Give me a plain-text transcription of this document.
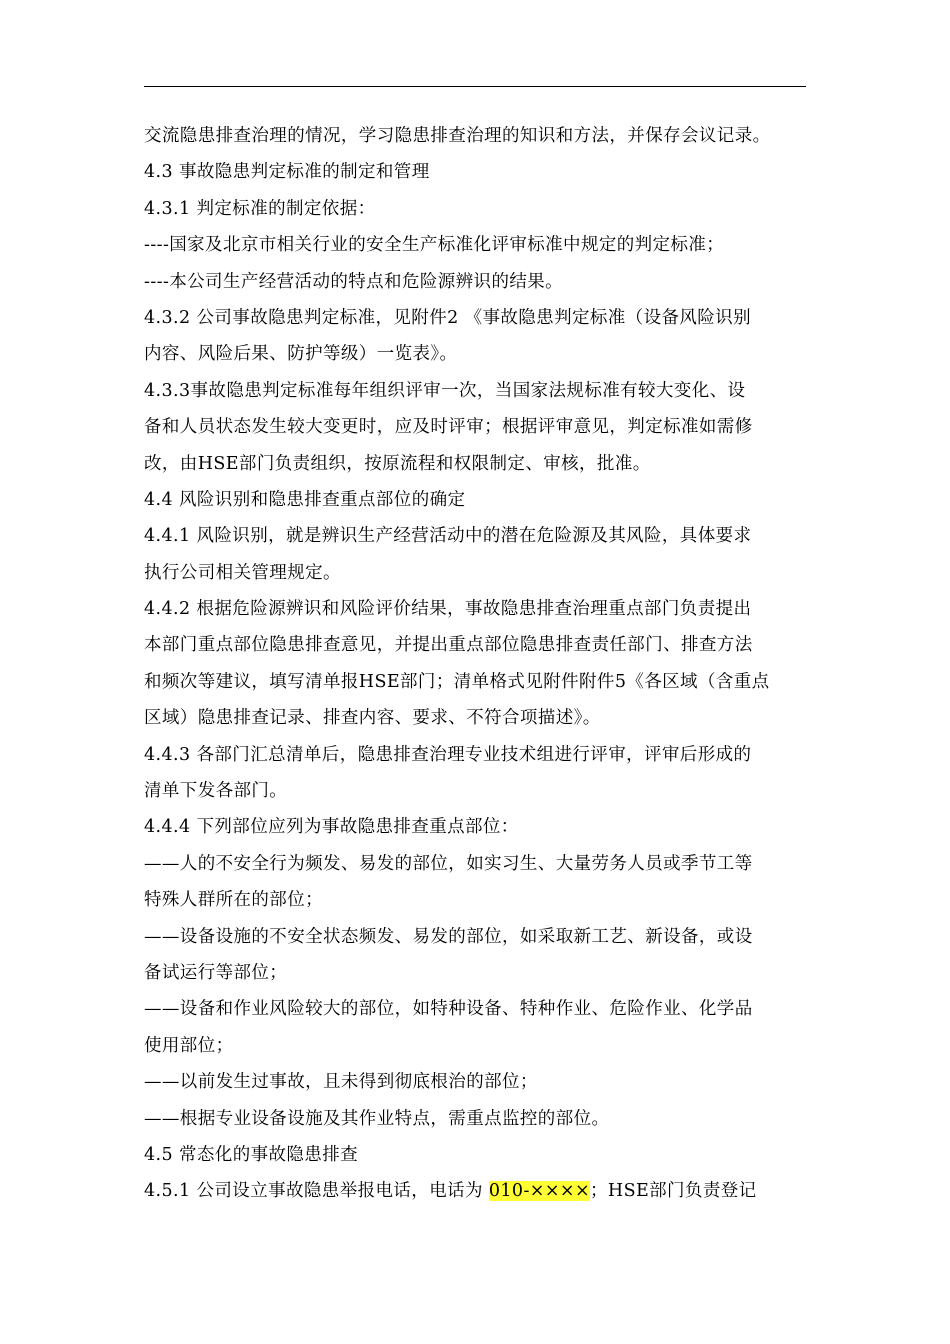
交流隐患排查治理的情况，学习隐患排查治理的知识和方法，并保存会议记录。
4.3 事故隐患判定标准的制定和管理
4.3.1 判定标准的制定依据：
----国家及北京市相关行业的安全生产标准化评审标准中规定的判定标准；
----本公司生产经营活动的特点和危险源辨识的结果。
4.3.2 公司事故隐患判定标准，见附件2 《事故隐患判定标准（设备风险识别
内容、风险后果、防护等级）一览表》。
4.3.3事故隐患判定标准每年组织评审一次，当国家法规标准有较大变化、设
备和人员状态发生较大变更时，应及时评审；根据评审意见，判定标准如需修
改，由HSE部门负责组织，按原流程和权限制定、审核，批准。
4.4 风险识别和隐患排查重点部位的确定
4.4.1 风险识别，就是辨识生产经营活动中的潜在危险源及其风险，具体要求
执行公司相关管理规定。
4.4.2 根据危险源辨识和风险评价结果，事故隐患排查治理重点部门负责提出
本部门重点部位隐患排查意见，并提出重点部位隐患排查责任部门、排查方法
和频次等建议，填写清单报HSE部门；清单格式见附件附件5《各区域（含重点
区域）隐患排查记录、排查内容、要求、不符合项描述》。
4.4.3 各部门汇总清单后，隐患排查治理专业技术组进行评审，评审后形成的
清单下发各部门。
4.4.4 下列部位应列为事故隐患排查重点部位：
——人的不安全行为频发、易发的部位，如实习生、大量劳务人员或季节工等
特殊人群所在的部位；
——设备设施的不安全状态频发、易发的部位，如采取新工艺、新设备，或设
备试运行等部位；
——设备和作业风险较大的部位，如特种设备、特种作业、危险作业、化学品
使用部位；
——以前发生过事故，且未得到彻底根治的部位；
——根据专业设备设施及其作业特点，需重点监控的部位。
4.5 常态化的事故隐患排查
4.5.1 公司设立事故隐患举报电话，电话为 010-××××；HSE部门负责登记
